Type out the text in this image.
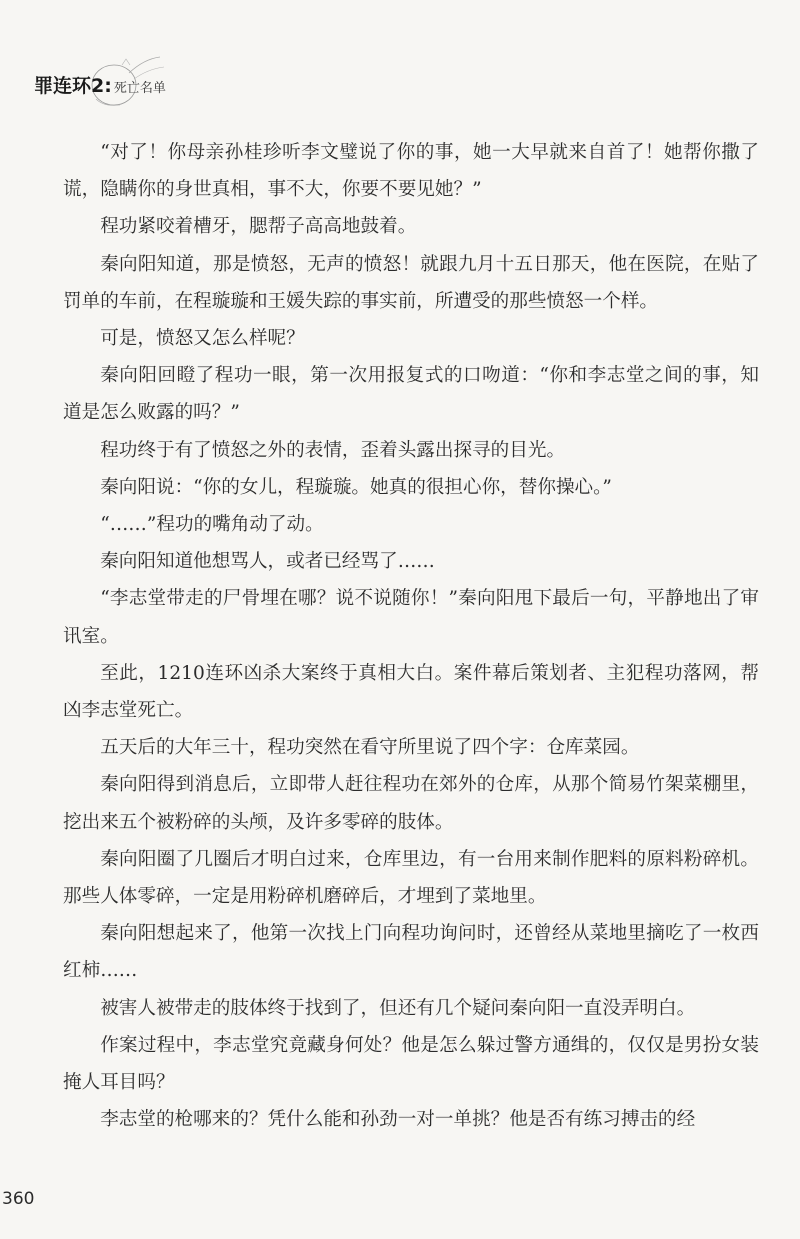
罪连环2: 死亡名单

“对了！你母亲孙桂珍听李文璧说了你的事，她一大早就来自首了！她帮你撒了谎，隐瞒你的身世真相，事不大，你要不要见她？”

程功紧咬着槽牙，腮帮子高高地鼓着。

秦向阳知道，那是愤怒，无声的愤怒！就跟九月十五日那天，他在医院，在贴了罚单的车前，在程璇璇和王媛失踪的事实前，所遭受的那些愤怒一个样。

可是，愤怒又怎么样呢？

秦向阳回瞪了程功一眼，第一次用报复式的口吻道：“你和李志堂之间的事，知道是怎么败露的吗？”

程功终于有了愤怒之外的表情，歪着头露出探寻的目光。

秦向阳说：“你的女儿，程璇璇。她真的很担心你，替你操心。”

“……”程功的嘴角动了动。

秦向阳知道他想骂人，或者已经骂了……

“李志堂带走的尸骨埋在哪？说不说随你！”秦向阳甩下最后一句，平静地出了审讯室。

至此，1210连环凶杀大案终于真相大白。案件幕后策划者、主犯程功落网，帮凶李志堂死亡。

五天后的大年三十，程功突然在看守所里说了四个字：仓库菜园。

秦向阳得到消息后，立即带人赶往程功在郊外的仓库，从那个简易竹架菜棚里，挖出来五个被粉碎的头颅，及许多零碎的肢体。

秦向阳圈了几圈后才明白过来，仓库里边，有一台用来制作肥料的原料粉碎机。那些人体零碎，一定是用粉碎机磨碎后，才埋到了菜地里。

秦向阳想起来了，他第一次找上门向程功询问时，还曾经从菜地里摘吃了一枚西红柿……

被害人被带走的肢体终于找到了，但还有几个疑问秦向阳一直没弄明白。

作案过程中，李志堂究竟藏身何处？他是怎么躲过警方通缉的，仅仅是男扮女装掩人耳目吗？

李志堂的枪哪来的？凭什么能和孙劲一对一单挑？他是否有练习搏击的经

360
